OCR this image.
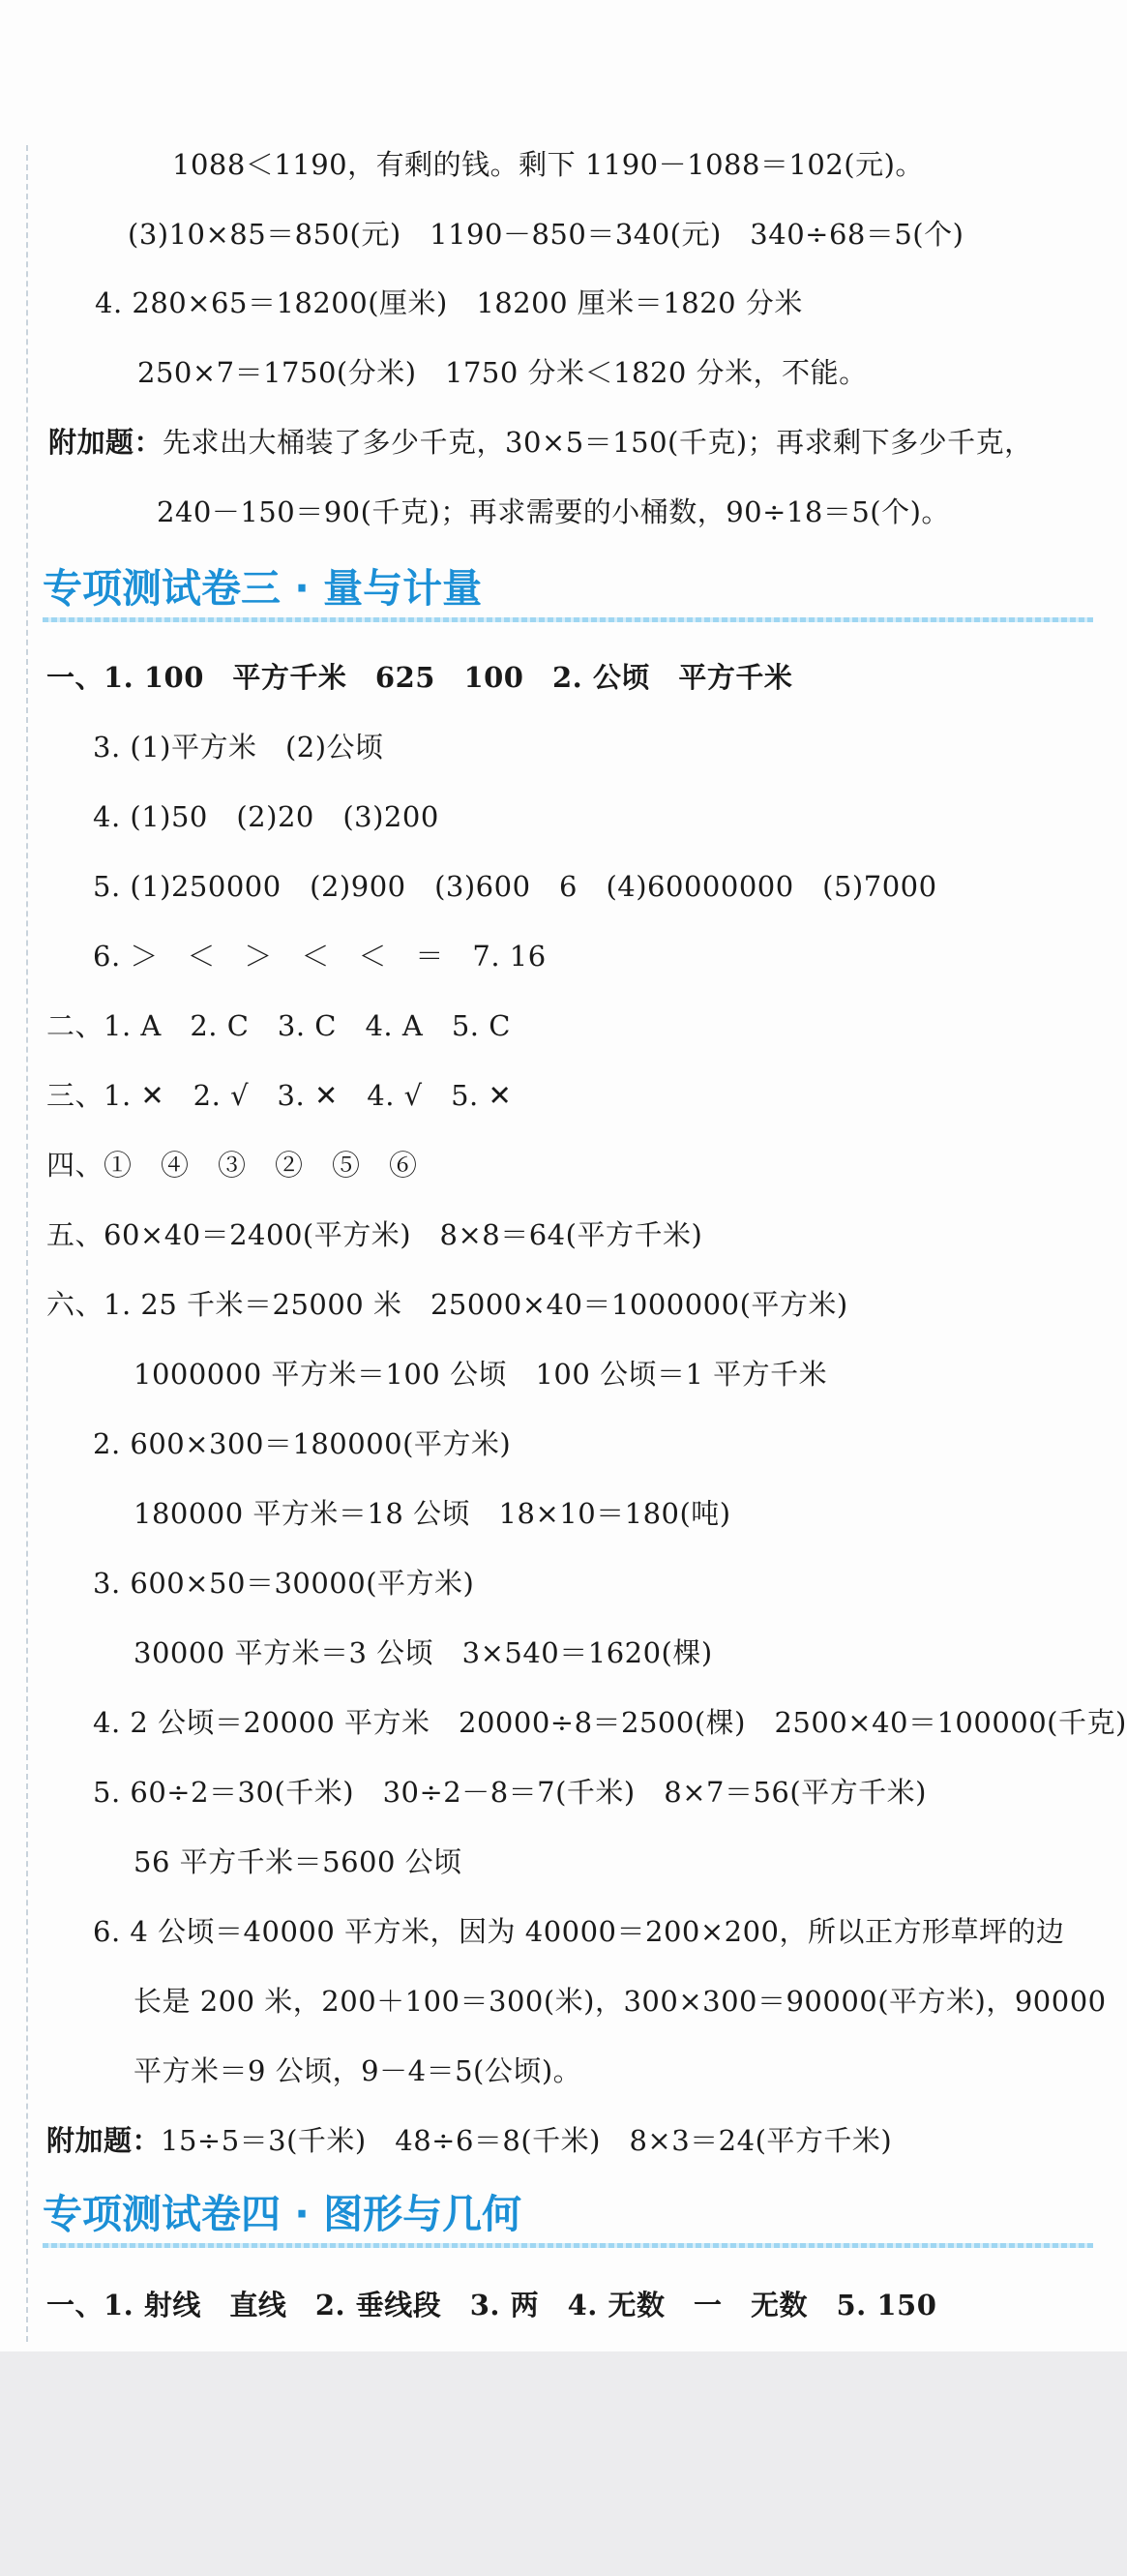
1088＜1190，有剩的钱。剩下 1190－1088＝102(元)。
(3)10×85＝850(元)　1190－850＝340(元)　340÷68＝5(个)
4. 280×65＝18200(厘米)　18200 厘米＝1820 分米
250×7＝1750(分米)　1750 分米＜1820 分米，不能。
附加题：先求出大桶装了多少千克，30×5＝150(千克)；再求剩下多少千克，
240－150＝90(千克)；再求需要的小桶数，90÷18＝5(个)。
专项测试卷三 · 量与计量
一、1. 100　平方千米　625　100　2. 公顷　平方千米
3. (1)平方米　(2)公顷
4. (1)50　(2)20　(3)200
5. (1)250000　(2)900　(3)600　6　(4)60000000　(5)7000
6. ＞　＜　＞　＜　＜　＝　7. 16
二、1. A　2. C　3. C　4. A　5. C
三、1. ✕　2. √　3. ✕　4. √　5. ✕
四、①　④　③　②　⑤　⑥
五、60×40＝2400(平方米)　8×8＝64(平方千米)
六、1. 25 千米＝25000 米　25000×40＝1000000(平方米)
1000000 平方米＝100 公顷　100 公顷＝1 平方千米
2. 600×300＝180000(平方米)
180000 平方米＝18 公顷　18×10＝180(吨)
3. 600×50＝30000(平方米)
30000 平方米＝3 公顷　3×540＝1620(棵)
4. 2 公顷＝20000 平方米　20000÷8＝2500(棵)　2500×40＝100000(千克)
5. 60÷2＝30(千米)　30÷2－8＝7(千米)　8×7＝56(平方千米)
56 平方千米＝5600 公顷
6. 4 公顷＝40000 平方米，因为 40000＝200×200，所以正方形草坪的边
长是 200 米，200＋100＝300(米)，300×300＝90000(平方米)，90000
平方米＝9 公顷，9－4＝5(公顷)。
附加题：15÷5＝3(千米)　48÷6＝8(千米)　8×3＝24(平方千米)
专项测试卷四 · 图形与几何
一、1. 射线　直线　2. 垂线段　3. 两　4. 无数　一　无数　5. 150
